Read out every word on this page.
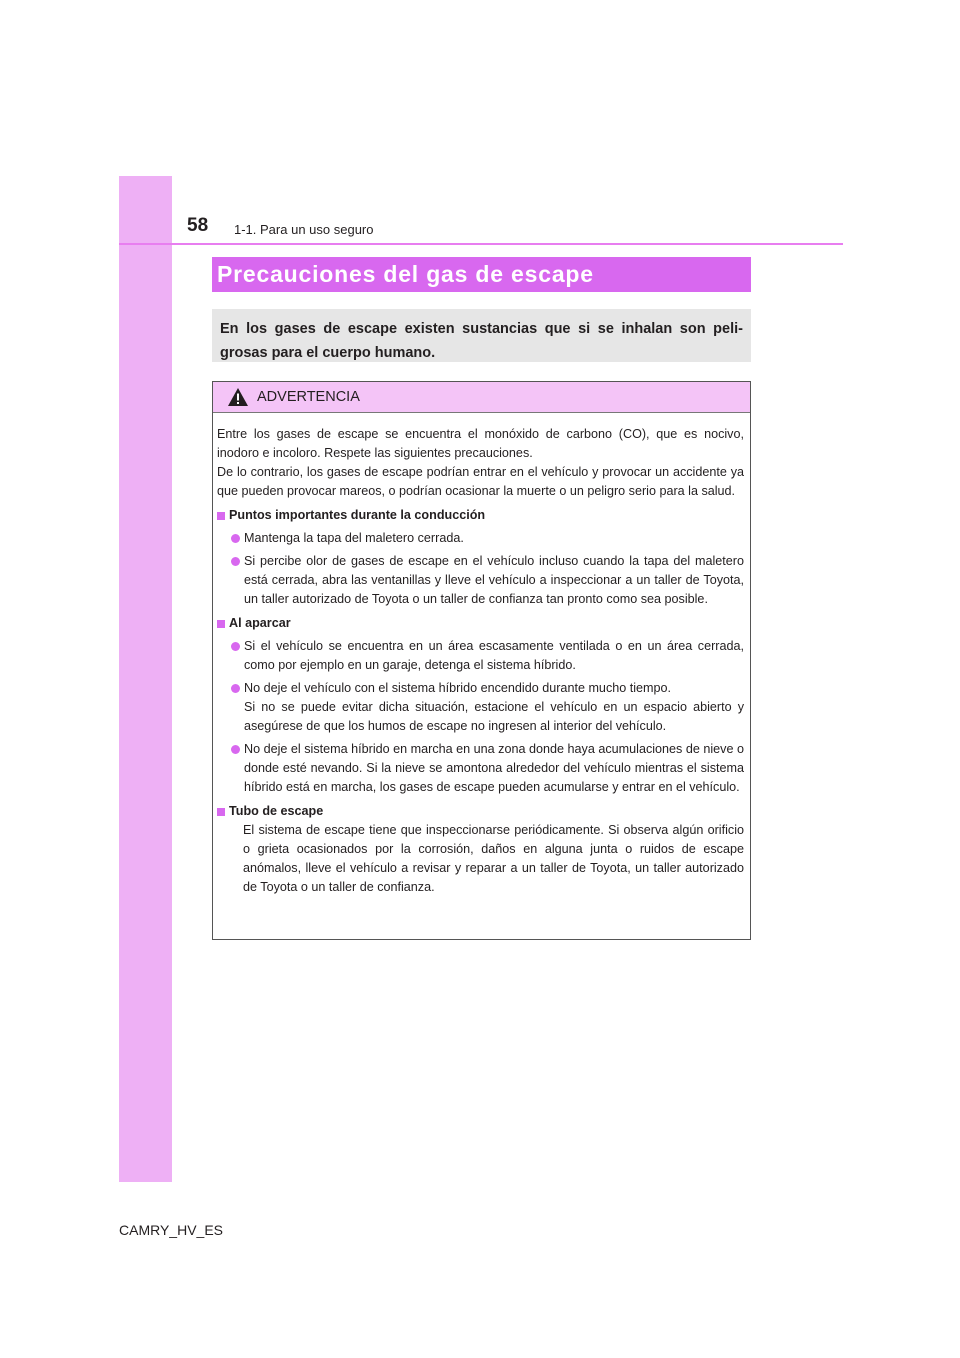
58 1-1. Para un uso seguro
Precauciones del gas de escape
En los gases de escape existen sustancias que si se inhalan son peligrosas para el cuerpo humano.
ADVERTENCIA

Entre los gases de escape se encuentra el monóxido de carbono (CO), que es nocivo, inodoro e incoloro. Respete las siguientes precauciones.

De lo contrario, los gases de escape podrían entrar en el vehículo y provocar un accidente ya que pueden provocar mareos, o podrían ocasionar la muerte o un peligro serio para la salud.

Puntos importantes durante la conducción
Mantenga la tapa del maletero cerrada.
Si percibe olor de gases de escape en el vehículo incluso cuando la tapa del maletero está cerrada, abra las ventanillas y lleve el vehículo a inspeccionar a un taller de Toyota, un taller autorizado de Toyota o un taller de confianza tan pronto como sea posible.
Al aparcar
Si el vehículo se encuentra en un área escasamente ventilada o en un área cerrada, como por ejemplo en un garaje, detenga el sistema híbrido.
No deje el vehículo con el sistema híbrido encendido durante mucho tiempo.
Si no se puede evitar dicha situación, estacione el vehículo en un espacio abierto y asegúrese de que los humos de escape no ingresen al interior del vehículo.
No deje el sistema híbrido en marcha en una zona donde haya acumulaciones de nieve o donde esté nevando. Si la nieve se amontona alrededor del vehículo mientras el sistema híbrido está en marcha, los gases de escape pueden acumularse y entrar en el vehículo.
Tubo de escape

El sistema de escape tiene que inspeccionarse periódicamente. Si observa algún orificio o grieta ocasionados por la corrosión, daños en alguna junta o ruidos de escape anómalos, lleve el vehículo a revisar y reparar a un taller de Toyota, un taller autorizado de Toyota o un taller de confianza.

CAMRY_HV_ES
